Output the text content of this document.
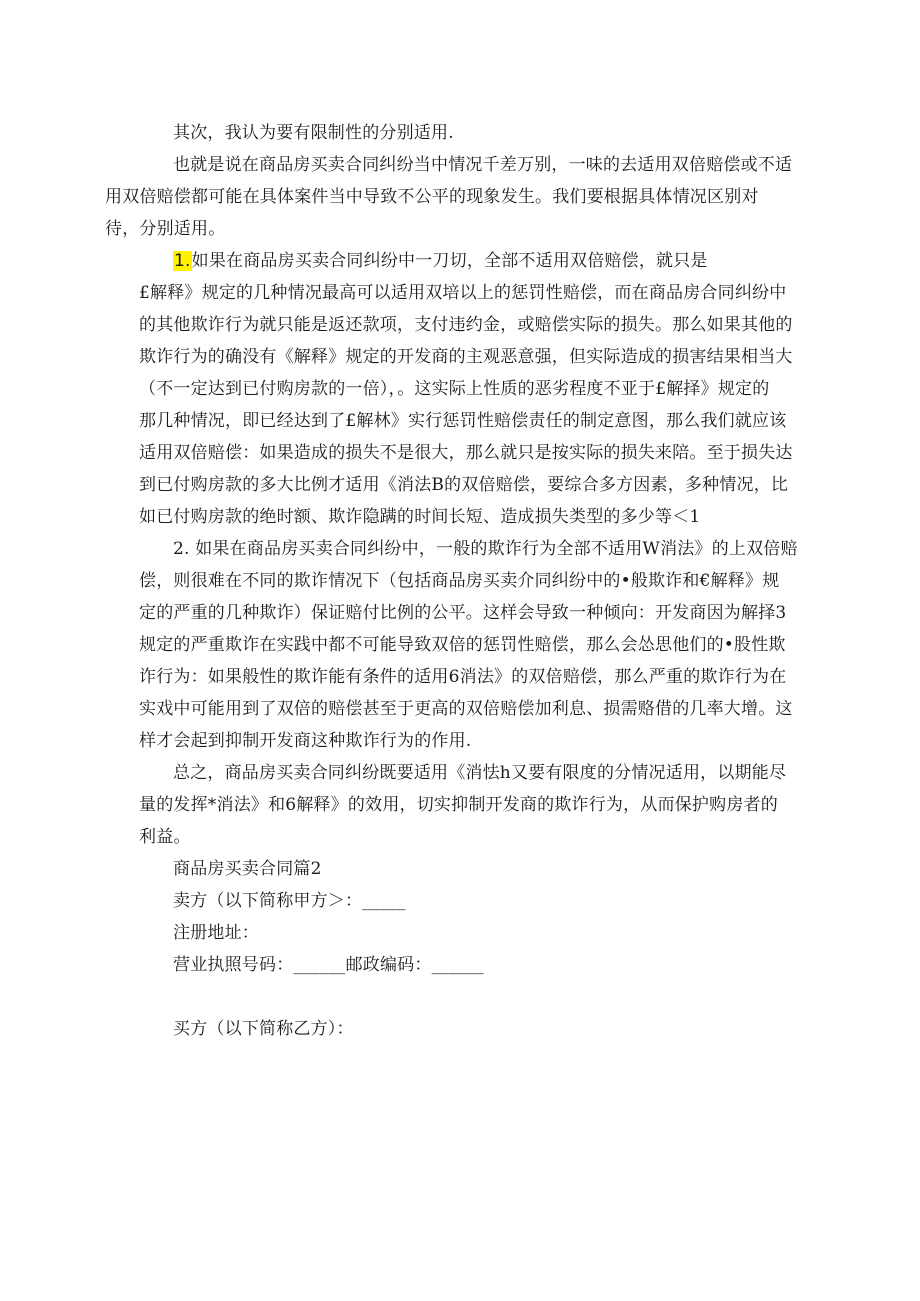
其次，我认为要有限制性的分别适用.

也就是说在商品房买卖合同纠纷当中情况千差万别，一味的去适用双倍赔偿或不适
用双倍赔偿都可能在具体案件当中导致不公平的现象发生。我们要根据具体情况区别对
待，分别适用。

1.如果在商品房买卖合同纠纷中一刀切，全部不适用双倍赔偿，就只是
£解释》规定的几种情况最高可以适用双培以上的惩罚性赔偿，而在商品房合同纠纷中
的其他欺诈行为就只能是返还款项，支付违约金，或赔偿实际的损失。那么如果其他的
欺诈行为的确没有《解释》规定的开发商的主观恶意强，但实际造成的损害结果相当大
（不一定达到已付购房款的一倍），。这实际上性质的恶劣程度不亚于£解择》规定的
那几种情况，即已经达到了£解林》实行惩罚性赔偿责任的制定意图，那么我们就应该
适用双倍赔偿：如果造成的损失不是很大，那么就只是按实际的损失来陪。至于损失达
到已付购房款的多大比例才适用《消法B的双倍赔偿，要综合多方因素，多种情况，比
如已付购房款的绝时额、欺诈隐蹒的时间长短、造成损失类型的多少等＜1

2. 如果在商品房买卖合同纠纷中，一般的欺诈行为全部不适用W消法》的上双倍赔
偿，则很难在不同的欺诈情况下（包括商品房买卖介同纠纷中的•般欺诈和€解释》规
定的严重的几种欺诈）保证赔付比例的公平。这样会导致一种倾向：开发商因为解择3
规定的严重欺诈在实践中都不可能导致双倍的惩罚性赔偿，那么会怂思他们的•股性欺
诈行为：如果般性的欺诈能有条件的适用6消法》的双倍赔偿，那么严重的欺诈行为在
实戏中可能用到了双倍的赔偿甚至于更高的双倍赔偿加利息、损需赂借的几率大增。这
样才会起到抑制开发商这种欺诈行为的作用.

总之，商品房买卖合同纠纷既要适用《消怯h又要有限度的分情况适用，以期能尽
量的发挥*消法》和6解释》的效用，切实抑制开发商的欺诈行为，从而保护购房者的
利益。

商品房买卖合同篇2

卖方（以下简称甲方＞：_____

注册地址：

营业执照号码：______邮政编码：______

买方（以下简称乙方）：
